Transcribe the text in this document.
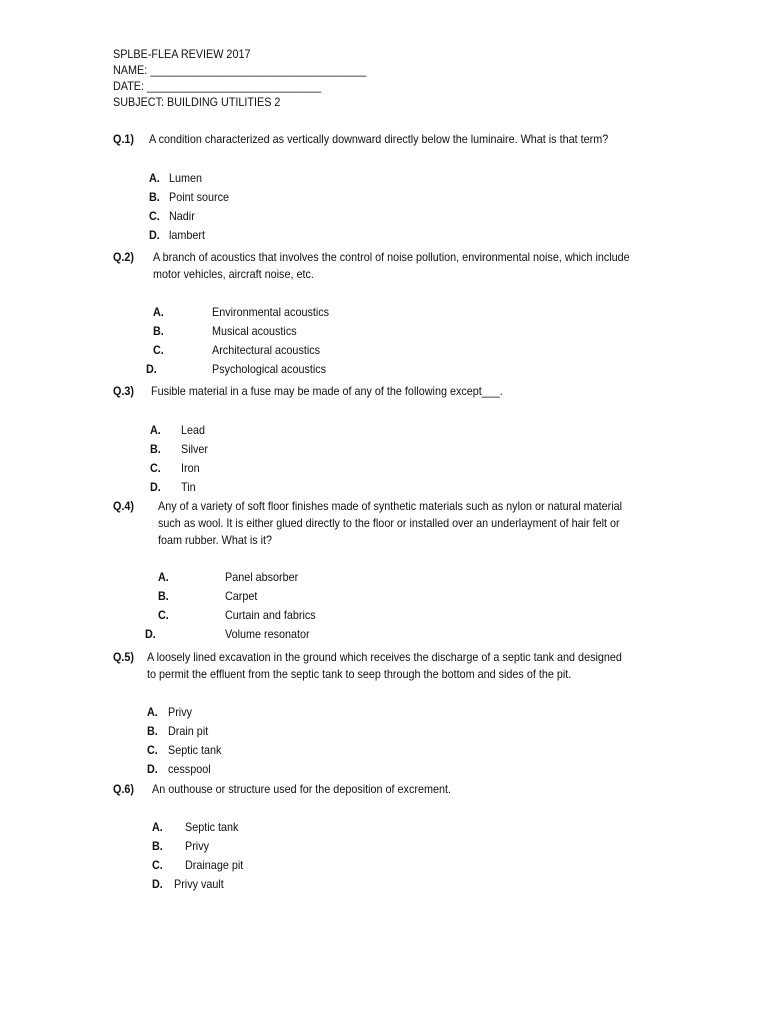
SPLBE-FLEA REVIEW 2017
NAME: ____________________________________
DATE: _____________________________
SUBJECT: BUILDING UTILITIES 2
Q.1) A condition characterized as vertically downward directly below the luminaire. What is that term?
A. Lumen
B. Point source
C. Nadir
D. lambert
Q.2) A branch of acoustics that involves the control of noise pollution, environmental noise, which include
motor vehicles, aircraft noise, etc.
A.	Environmental acoustics
B.	Musical acoustics
C.	Architectural acoustics
D.	Psychological acoustics
Q.3) Fusible material in a fuse may be made of any of the following except___.
A. Lead
B. Silver
C. Iron
D. Tin
Q.4) Any of a variety of soft floor finishes made of synthetic materials such as nylon or natural material
such as wool. It is either glued directly to the floor or installed over an underlayment of hair felt or
foam rubber. What is it?
A.	Panel absorber
B.	Carpet
C.	Curtain and fabrics
D.	Volume resonator
Q.5) A loosely lined excavation in the ground which receives the discharge of a septic tank and designed
to permit the effluent from the septic tank to seep through the bottom and sides of the pit.
A. Privy
B. Drain pit
C. Septic tank
D. cesspool
Q.6) An outhouse or structure used for the deposition of excrement.
A. Septic tank
B. Privy
C. Drainage pit
D. Privy vault
